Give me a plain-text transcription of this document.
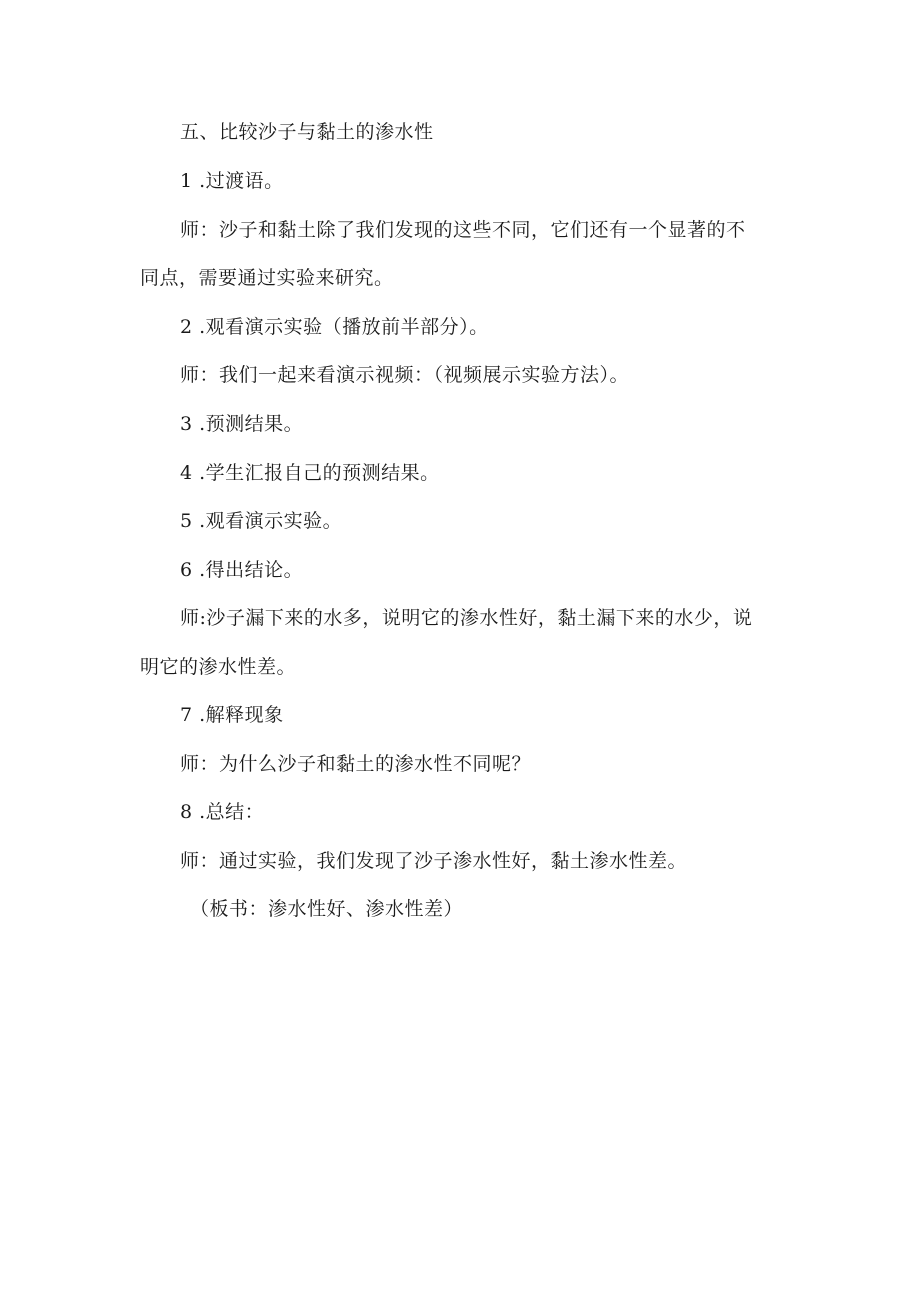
五、比较沙子与黏土的渗水性
1 .过渡语。
师：沙子和黏土除了我们发现的这些不同，它们还有一个显著的不
同点，需要通过实验来研究。
2 .观看演示实验（播放前半部分）。
师：我们一起来看演示视频：（视频展示实验方法）。
3 .预测结果。
4 .学生汇报自己的预测结果。
5 .观看演示实验。
6 .得出结论。
师:沙子漏下来的水多，说明它的渗水性好，黏土漏下来的水少，说
明它的渗水性差。
7 .解释现象
师：为什么沙子和黏土的渗水性不同呢？
8 .总结：
师：通过实验，我们发现了沙子渗水性好，黏土渗水性差。
（板书：渗水性好、渗水性差）
